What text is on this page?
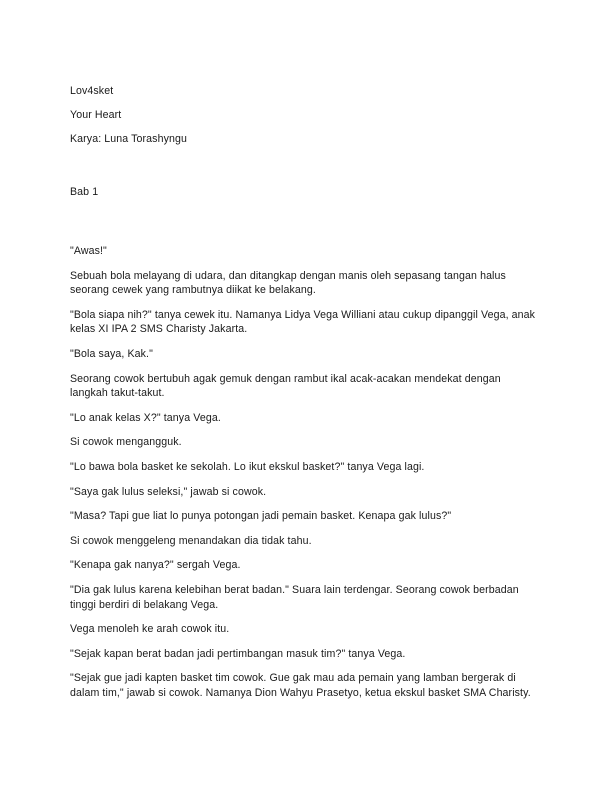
Lov4sket

Your Heart

Karya: Luna Torashyngu

Bab 1

"Awas!"

Sebuah bola melayang di udara, dan ditangkap dengan manis oleh sepasang tangan halus seorang cewek yang rambutnya diikat ke belakang.

"Bola siapa nih?" tanya cewek itu. Namanya Lidya Vega Williani atau cukup dipanggil Vega, anak kelas XI IPA 2 SMS Charisty Jakarta.

"Bola saya, Kak."

Seorang cowok bertubuh agak gemuk dengan rambut ikal acak-acakan mendekat dengan langkah takut-takut.

"Lo anak kelas X?" tanya Vega.

Si cowok mengangguk.

"Lo bawa bola basket ke sekolah. Lo ikut ekskul basket?" tanya Vega lagi.

"Saya gak lulus seleksi," jawab si cowok.

"Masa? Tapi gue liat lo punya potongan jadi pemain basket. Kenapa gak lulus?"

Si cowok menggeleng menandakan dia tidak tahu.

"Kenapa gak nanya?" sergah Vega.

"Dia gak lulus karena kelebihan berat badan." Suara lain terdengar. Seorang cowok berbadan tinggi berdiri di belakang Vega.

Vega menoleh ke arah cowok itu.

"Sejak kapan berat badan jadi pertimbangan masuk tim?" tanya Vega.

"Sejak gue jadi kapten basket tim cowok. Gue gak mau ada pemain yang lamban bergerak di dalam tim," jawab si cowok. Namanya Dion Wahyu Prasetyo, ketua ekskul basket SMA Charisty.
